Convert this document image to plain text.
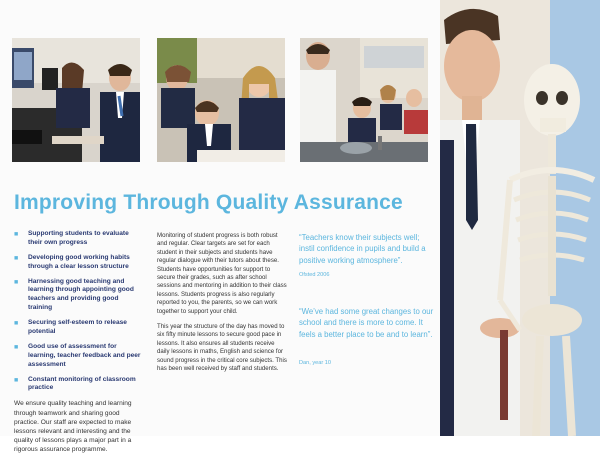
Improving Through Quality Assurance
■ Supporting students to evaluate their own progress
■ Developing good working habits through a clear lesson structure
■ Harnessing good teaching and learning through appointing good teachers and providing good training
■ Securing self-esteem to release potential
■ Good use of assessment for learning, teacher feedback and peer assessment
■ Constant monitoring of classroom practice
We ensure quality teaching and learning through teamwork and sharing good practice. Our staff are expected to make lessons relevant and interesting and the quality of lessons plays a major part in a rigorous assurance programme.

Monitoring of student progress is both robust and regular. Clear targets are set for each student in their subjects and students have regular dialogue with their tutors about these. Students have opportunities for support to secure their grades, such as after school sessions and mentoring in addition to their class lessons. Students progress is also regularly reported to you, the parents, so we can work together to support your child.

This year the structure of the day has moved to six fifty minute lessons to secure good pace in lessons. It also ensures all students receive daily lessons in maths, English and science for sound progress in the critical core subjects. This has been well received by staff and students.

“Teachers know their subjects well; instil confidence in pupils and build a positive working atmosphere”.
Ofsted 2006
“We’ve had some great changes to our school and there is more to come. It feels a better place to be and to learn”.
Dan, year 10
